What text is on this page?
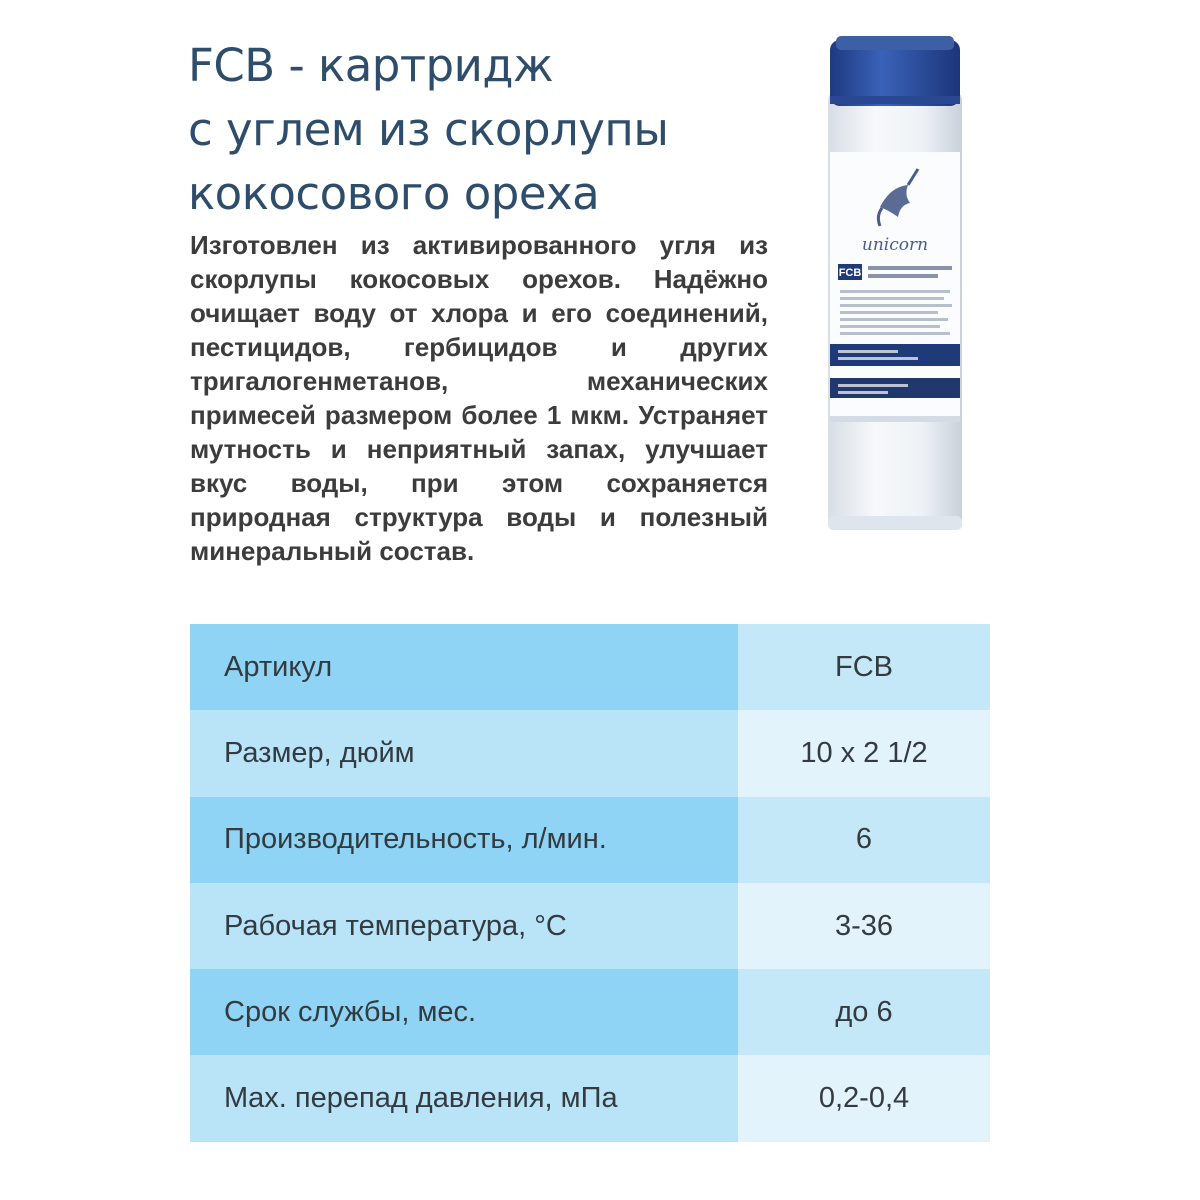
FCB - картридж
с углем из скорлупы
кокосового ореха

Изготовлен из активированного угля из скорлупы кокосовых орехов. Надёжно очищает воду от хлора и его соединений, пестицидов, гербицидов и других тригалогенметанов, механических примесей размером более 1 мкм. Устраняет мутность и неприятный запах, улучшает вкус воды, при этом сохраняется природная структура воды и полезный минеральный состав.

unicorn
FCB
Артикул	FCB
Размер, дюйм	10 x 2 1/2
Производительность, л/мин.	6
Рабочая температура, °С	3-36
Срок службы, мес.	до 6
Max. перепад давления, мПа	0,2-0,4
